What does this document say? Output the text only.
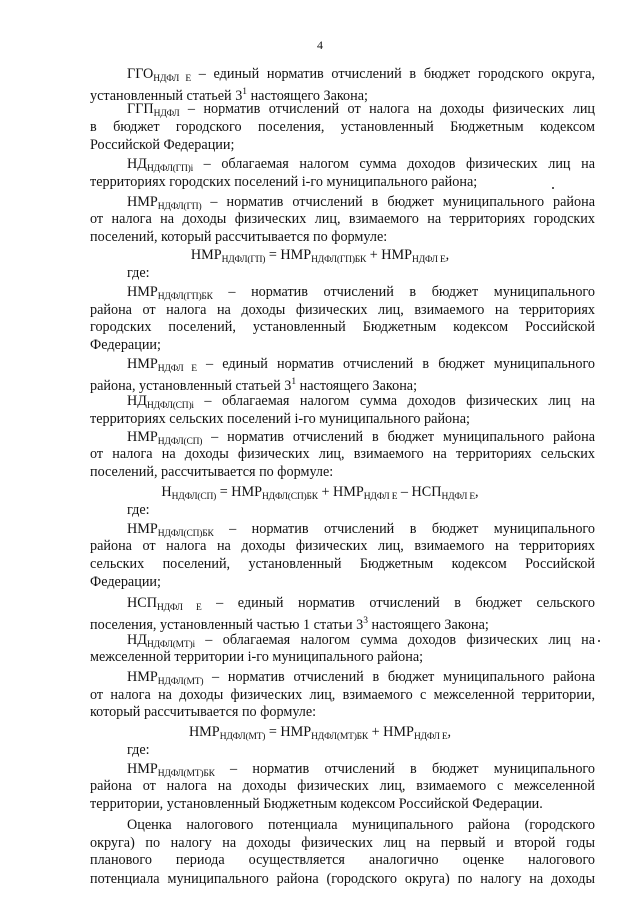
4
$ГГО_{НДФЛ Е}$ – единый норматив отчислений в бюджет городского округа,
установленный статьей $3^1$ настоящего Закона;
$ГГП_{НДФЛ}$ – норматив отчислений от налога на доходы физических лиц
в бюджет городского поселения, установленный Бюджетным кодексом
Российской Федерации;
$НД_{НДФЛ(ГП)i}$ – облагаемая налогом сумма доходов физических лиц на
территориях городских поселений i-го муниципального района;
$НМР_{НДФЛ(ГП)}$ – норматив отчислений в бюджет муниципального района
от налога на доходы физических лиц, взимаемого на территориях городских
поселений, который рассчитывается по формуле:
$НМР_{НДФЛ(ГП)} = НМР_{НДФЛ(ГП)БК} + НМР_{НДФЛ Е}$,
где:
$НМР_{НДФЛ(ГП)БК}$ – норматив отчислений в бюджет муниципального
района от налога на доходы физических лиц, взимаемого на территориях
городских поселений, установленный Бюджетным кодексом Российской
Федерации;
$НМР_{НДФЛ Е}$ – единый норматив отчислений в бюджет муниципального
района, установленный статьей $3^1$ настоящего Закона;
$НД_{НДФЛ(СП)i}$ – облагаемая налогом сумма доходов физических лиц на
территориях сельских поселений i-го муниципального района;
$НМР_{НДФЛ(СП)}$ – норматив отчислений в бюджет муниципального района
от налога на доходы физических лиц, взимаемого на территориях сельских
поселений, рассчитывается по формуле:
$Н_{НДФЛ(СП)} = НМР_{НДФЛ(СП)БК} + НМР_{НДФЛ Е} - НСП_{НДФЛ Е}$,
где:
$НМР_{НДФЛ(СП)БК}$ – норматив отчислений в бюджет муниципального
района от налога на доходы физических лиц, взимаемого на территориях
сельских поселений, установленный Бюджетным кодексом Российской
Федерации;
$НСП_{НДФЛ Е}$ – единый норматив отчислений в бюджет сельского
поселения, установленный частью 1 статьи $3^3$ настоящего Закона;
$НД_{НДФЛ(МТ)i}$ – облагаемая налогом сумма доходов физических лиц на
межселенной территории i-го муниципального района;
$НМР_{НДФЛ(МТ)}$ – норматив отчислений в бюджет муниципального района
от налога на доходы физических лиц, взимаемого с межселенной территории,
который рассчитывается по формуле:
$НМР_{НДФЛ(МТ)} = НМР_{НДФЛ(МТ)БК} + НМР_{НДФЛ Е}$,
где:
$НМР_{НДФЛ(МТ)БК}$ – норматив отчислений в бюджет муниципального
района от налога на доходы физических лиц, взимаемого с межселенной
территории, установленный Бюджетным кодексом Российской Федерации.
Оценка налогового потенциала муниципального района (городского
округа) по налогу на доходы физических лиц на первый и второй годы
планового периода осуществляется аналогично оценке налогового
потенциала муниципального района (городского округа) по налогу на доходы
